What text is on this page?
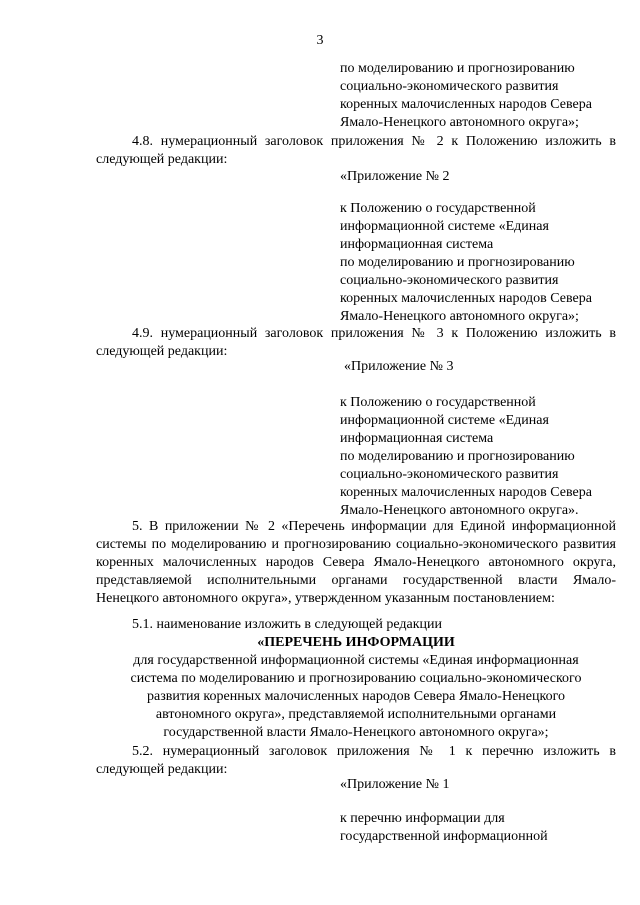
3
по моделированию и прогнозированию
социально-экономического развития
коренных малочисленных народов Севера
Ямало-Ненецкого автономного округа»;
4.8. нумерационный заголовок приложения № 2 к Положению изложить в следующей редакции:
«Приложение № 2
к Положению о государственной
информационной системе «Единая
информационная система
по моделированию и прогнозированию
социально-экономического развития
коренных малочисленных народов Севера
Ямало-Ненецкого автономного округа»;
4.9. нумерационный заголовок приложения № 3 к Положению изложить в следующей редакции:
«Приложение № 3
к Положению о государственной
информационной системе «Единая
информационная система
по моделированию и прогнозированию
социально-экономического развития
коренных малочисленных народов Севера
Ямало-Ненецкого автономного округа».
5. В приложении № 2 «Перечень информации для Единой информационной системы по моделированию и прогнозированию социально-экономического развития коренных малочисленных народов Севера Ямало-Ненецкого автономного округа, представляемой исполнительными органами государственной власти Ямало-Ненецкого автономного округа», утвержденном указанным постановлением:
5.1. наименование изложить в следующей редакции
«ПЕРЕЧЕНЬ ИНФОРМАЦИИ
для государственной информационной системы «Единая информационная
система по моделированию и прогнозированию социально-экономического
развития коренных малочисленных народов Севера Ямало-Ненецкого
автономного округа», представляемой исполнительными органами
государственной власти Ямало-Ненецкого автономного округа»;
5.2. нумерационный заголовок приложения № 1 к перечню изложить в следующей редакции:
«Приложение № 1
к перечню информации для
государственной информационной
